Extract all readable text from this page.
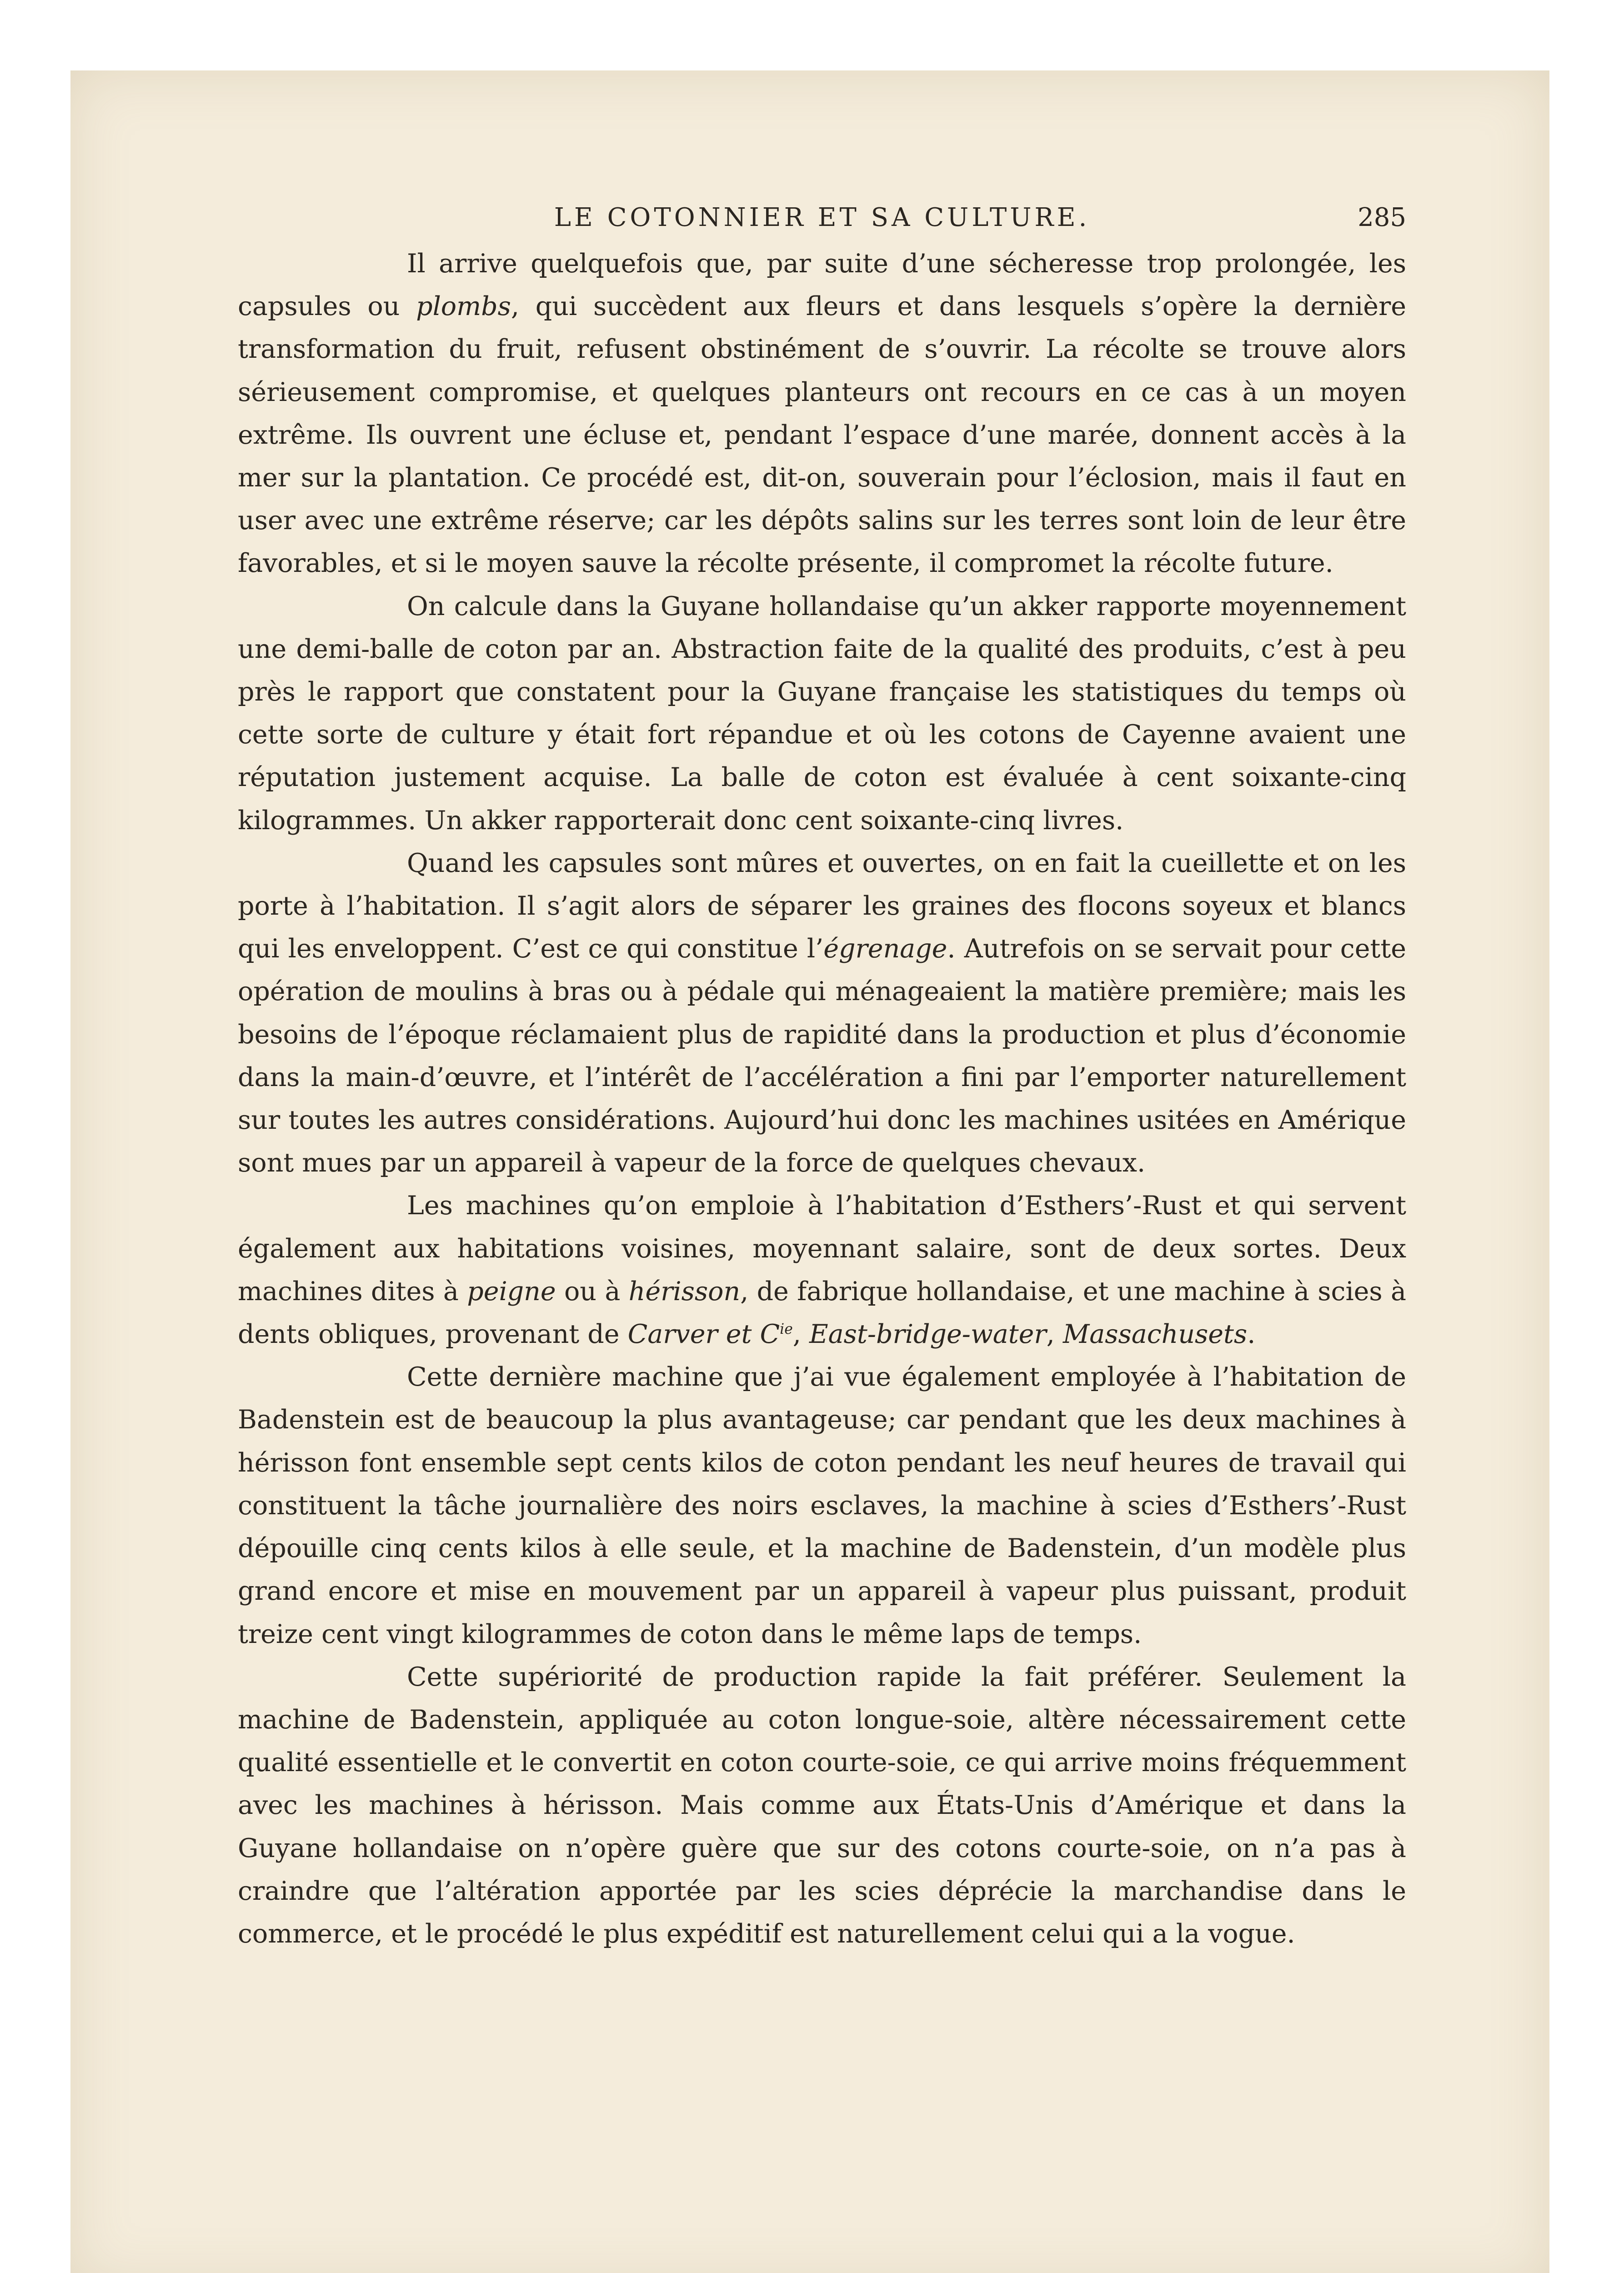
LE COTONNIER ET SA CULTURE.	285

Il arrive quelquefois que, par suite d’une sécheresse trop prolongée, les capsules ou plombs, qui succèdent aux fleurs et dans lesquels s’opère la dernière transformation du fruit, refusent obstinément de s’ouvrir. La récolte se trouve alors sérieusement compromise, et quelques planteurs ont recours en ce cas à un moyen extrême. Ils ouvrent une écluse et, pendant l’espace d’une marée, donnent accès à la mer sur la plantation. Ce procédé est, dit-on, souverain pour l’éclosion, mais il faut en user avec une extrême réserve; car les dépôts salins sur les terres sont loin de leur être favorables, et si le moyen sauve la récolte présente, il compromet la récolte future.

On calcule dans la Guyane hollandaise qu’un akker rapporte moyennement une demi-balle de coton par an. Abstraction faite de la qualité des produits, c’est à peu près le rapport que constatent pour la Guyane française les statistiques du temps où cette sorte de culture y était fort répandue et où les cotons de Cayenne avaient une réputation justement acquise. La balle de coton est évaluée à cent soixante-cinq kilogrammes. Un akker rapporterait donc cent soixante-cinq livres.

Quand les capsules sont mûres et ouvertes, on en fait la cueillette et on les porte à l’habitation. Il s’agit alors de séparer les graines des flocons soyeux et blancs qui les enveloppent. C’est ce qui constitue l’égrenage. Autrefois on se servait pour cette opération de moulins à bras ou à pédale qui ménageaient la matière première; mais les besoins de l’époque réclamaient plus de rapidité dans la production et plus d’économie dans la main-d’œuvre, et l’intérêt de l’accélération a fini par l’emporter naturellement sur toutes les autres considérations. Aujourd’hui donc les machines usitées en Amérique sont mues par un appareil à vapeur de la force de quelques chevaux.

Les machines qu’on emploie à l’habitation d’Esthers’-Rust et qui servent également aux habitations voisines, moyennant salaire, sont de deux sortes. Deux machines dites à peigne ou à hérisson, de fabrique hollandaise, et une machine à scies à dents obliques, provenant de Carver et $C^{ie}$, East-bridge-water, Massachusets.

Cette dernière machine que j’ai vue également employée à l’habitation de Badenstein est de beaucoup la plus avantageuse; car pendant que les deux machines à hérisson font ensemble sept cents kilos de coton pendant les neuf heures de travail qui constituent la tâche journalière des noirs esclaves, la machine à scies d’Esthers’-Rust dépouille cinq cents kilos à elle seule, et la machine de Badenstein, d’un modèle plus grand encore et mise en mouvement par un appareil à vapeur plus puissant, produit treize cent vingt kilogrammes de coton dans le même laps de temps.

Cette supériorité de production rapide la fait préférer. Seulement la machine de Badenstein, appliquée au coton longue-soie, altère nécessairement cette qualité essentielle et le convertit en coton courte-soie, ce qui arrive moins fréquemment avec les machines à hérisson. Mais comme aux États-Unis d’Amérique et dans la Guyane hollandaise on n’opère guère que sur des cotons courte-soie, on n’a pas à craindre que l’altération apportée par les scies déprécie la marchandise dans le commerce, et le procédé le plus expéditif est naturellement celui qui a la vogue.
